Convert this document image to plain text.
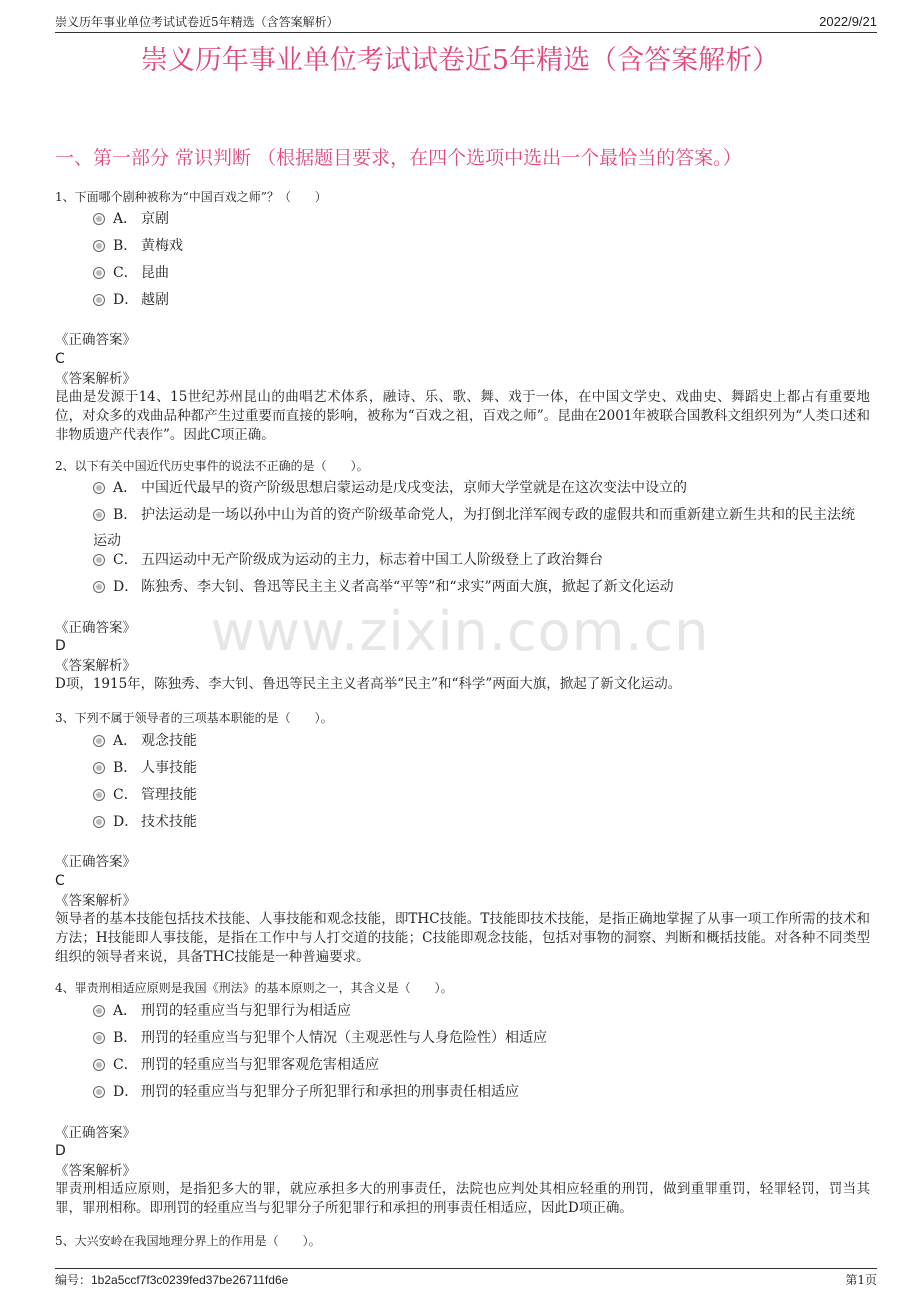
崇义历年事业单位考试试卷近5年精选（含答案解析）	2022/9/21
崇义历年事业单位考试试卷近5年精选（含答案解析）
一、第一部分 常识判断 （根据题目要求，在四个选项中选出一个最恰当的答案。）
www.zixin.com.cn
1、下面哪个剧种被称为“中国百戏之师”？（　　）
A． 京剧
B． 黄梅戏
C． 昆曲
D． 越剧
《正确答案》
C
《答案解析》
昆曲是发源于14、15世纪苏州昆山的曲唱艺术体系，融诗、乐、歌、舞、戏于一体，在中国文学史、戏曲史、舞蹈史上都占有重要地位，对众多的戏曲品种都产生过重要而直接的影响，被称为“百戏之祖，百戏之师”。昆曲在2001年被联合国教科文组织列为“人类口述和非物质遗产代表作”。因此C项正确。
2、以下有关中国近代历史事件的说法不正确的是（　　）。
A． 中国近代最早的资产阶级思想启蒙运动是戊戌变法，京师大学堂就是在这次变法中设立的
B． 护法运动是一场以孙中山为首的资产阶级革命党人，为打倒北洋军阀专政的虚假共和而重新建立新生共和的民主法统运动
C． 五四运动中无产阶级成为运动的主力，标志着中国工人阶级登上了政治舞台
D． 陈独秀、李大钊、鲁迅等民主主义者高举“平等”和“求实”两面大旗，掀起了新文化运动
《正确答案》
D
《答案解析》
D项，1915年，陈独秀、李大钊、鲁迅等民主主义者高举“民主”和“科学”两面大旗，掀起了新文化运动。
3、下列不属于领导者的三项基本职能的是（　　）。
A． 观念技能
B． 人事技能
C． 管理技能
D． 技术技能
《正确答案》
C
《答案解析》
领导者的基本技能包括技术技能、人事技能和观念技能，即THC技能。T技能即技术技能，是指正确地掌握了从事一项工作所需的技术和方法；H技能即人事技能，是指在工作中与人打交道的技能；C技能即观念技能，包括对事物的洞察、判断和概括技能。对各种不同类型组织的领导者来说，具备THC技能是一种普遍要求。
4、罪责刑相适应原则是我国《刑法》的基本原则之一，其含义是（　　）。
A． 刑罚的轻重应当与犯罪行为相适应
B． 刑罚的轻重应当与犯罪个人情况（主观恶性与人身危险性）相适应
C． 刑罚的轻重应当与犯罪客观危害相适应
D． 刑罚的轻重应当与犯罪分子所犯罪行和承担的刑事责任相适应
《正确答案》
D
《答案解析》
罪责刑相适应原则，是指犯多大的罪，就应承担多大的刑事责任，法院也应判处其相应轻重的刑罚，做到重罪重罚，轻罪轻罚，罚当其罪，罪刑相称。即刑罚的轻重应当与犯罪分子所犯罪行和承担的刑事责任相适应，因此D项正确。
5、大兴安岭在我国地理分界上的作用是（　　）。
编号：1b2a5ccf7f3c0239fed37be26711fd6e	第1页
